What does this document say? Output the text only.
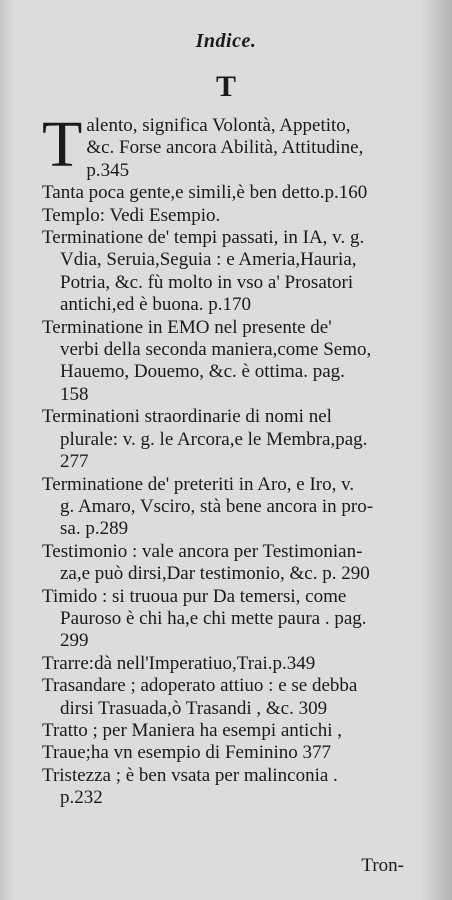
Indice.
T
T alento, significa Volontà, Appetito,
&c. Forse ancora Abilità, Attitudine,
p.345
Tanta poca gente,e simili,è ben detto.p.160
Templo: Vedi Esempio.
Terminatione de' tempi passati, in IA, v. g.
Vdia, Seruia,Seguia : e Ameria,Hauria,
Potria, &c. fù molto in vso a' Prosatori
antichi,ed è buona. p.170
Terminatione in EMO nel presente de'
verbi della seconda maniera,come Semo,
Hauemo, Douemo, &c. è ottima. pag.
158
Terminationi straordinarie di nomi nel
plurale: v. g. le Arcora,e le Membra,pag.
277
Terminatione de' preteriti in Aro, e Iro, v.
g. Amaro, Vsciro, stà bene ancora in pro-
sa. p.289
Testimonio : vale ancora per Testimonian-
za,e può dirsi,Dar testimonio, &c. p. 290
Timido : si truoua pur Da temersi, come
Pauroso è chi ha,e chi mette paura . pag.
299
Trarre:dà nell'Imperatiuo,Trai.p.349
Trasandare ; adoperato attiuo : e se debba
dirsi Trasuada,ò Trasandi , &c. 309
Tratto ; per Maniera ha esempi antichi ,
Traue;ha vn esempio di Feminino 377
Tristezza ; è ben vsata per malinconia .
p.232
Tron-
